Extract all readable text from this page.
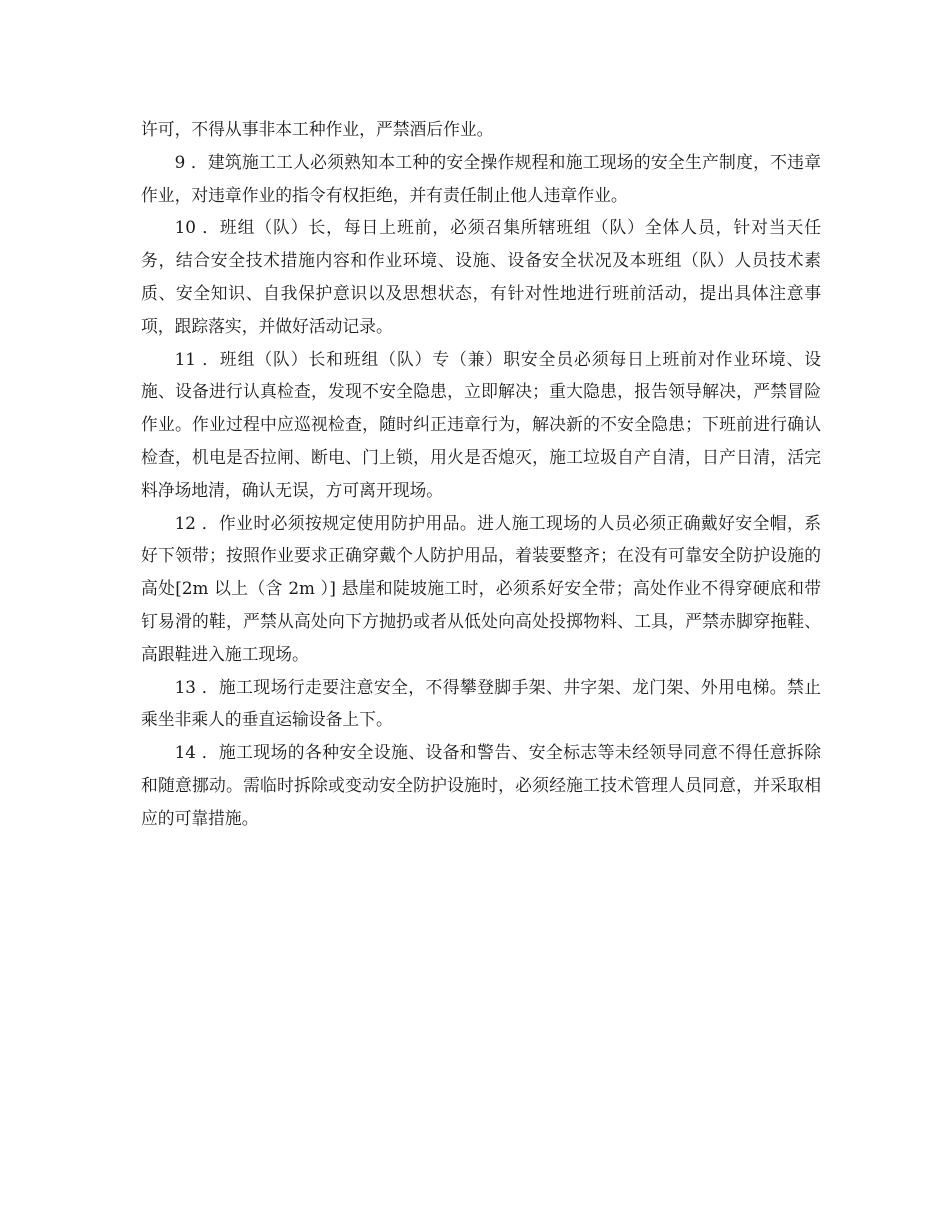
许可，不得从事非本工种作业，严禁酒后作业。

9 ．建筑施工工人必须熟知本工种的安全操作规程和施工现场的安全生产制度，不违章作业，对违章作业的指令有权拒绝，并有责任制止他人违章作业。

10 ．班组（队）长，每日上班前，必须召集所辖班组（队）全体人员，针对当天任务，结合安全技术措施内容和作业环境、设施、设备安全状况及本班组（队）人员技术素质、安全知识、自我保护意识以及思想状态，有针对性地进行班前活动，提出具体注意事项，跟踪落实，并做好活动记录。

11 ．班组（队）长和班组（队）专（兼）职安全员必须每日上班前对作业环境、设施、设备进行认真检查，发现不安全隐患，立即解决；重大隐患，报告领导解决，严禁冒险作业。作业过程中应巡视检查，随时纠正违章行为，解决新的不安全隐患；下班前进行确认检查，机电是否拉闸、断电、门上锁，用火是否熄灭，施工垃圾自产自清，日产日清，活完料净场地清，确认无误，方可离开现场。

12 ．作业时必须按规定使用防护用品。进人施工现场的人员必须正确戴好安全帽，系好下领带；按照作业要求正确穿戴个人防护用品，着装要整齐；在没有可靠安全防护设施的高处[2m 以上（含 2m ）] 悬崖和陡坡施工时，必须系好安全带；高处作业不得穿硬底和带钉易滑的鞋，严禁从高处向下方抛扔或者从低处向高处投掷物料、工具，严禁赤脚穿拖鞋、高跟鞋进入施工现场。

13 ．施工现场行走要注意安全，不得攀登脚手架、井字架、龙门架、外用电梯。禁止乘坐非乘人的垂直运输设备上下。

14 ．施工现场的各种安全设施、设备和警告、安全标志等未经领导同意不得任意拆除和随意挪动。需临时拆除或变动安全防护设施时，必须经施工技术管理人员同意，并采取相应的可靠措施。
